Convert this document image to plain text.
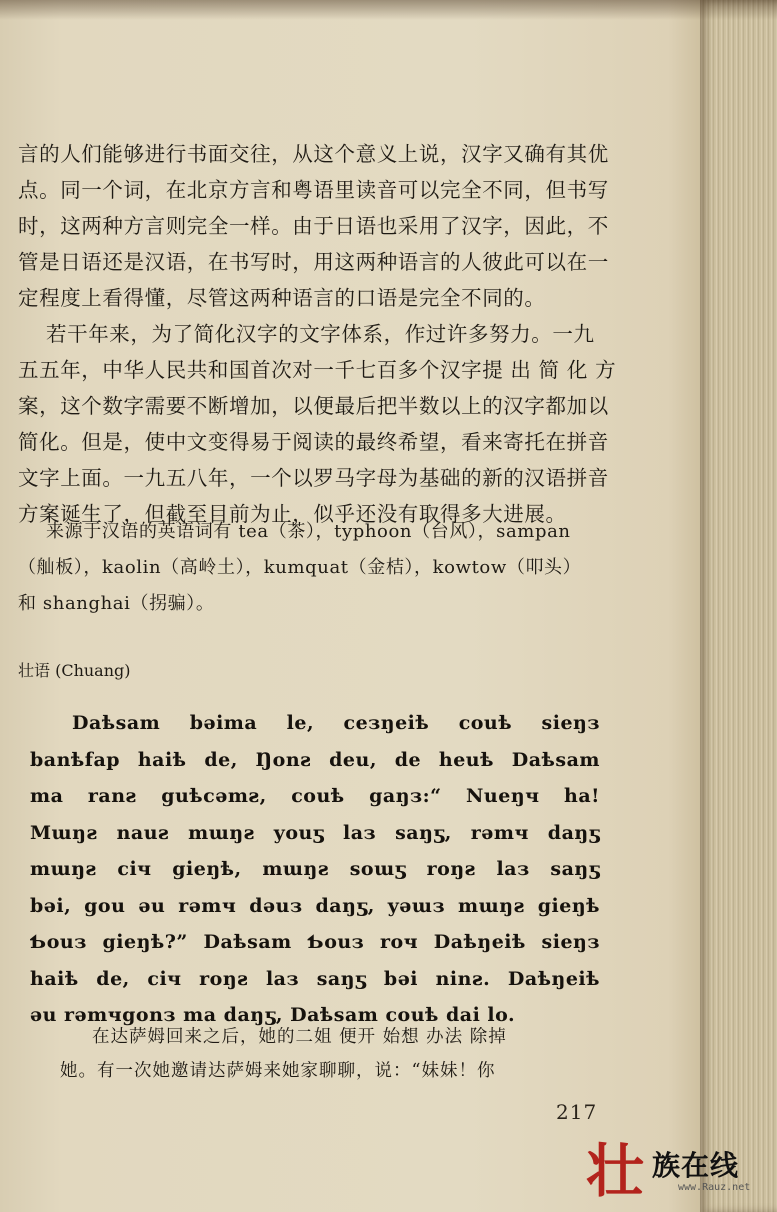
言的人们能够进行书面交往，从这个意义上说，汉字又确有其优
点。同一个词，在北京方言和粤语里读音可以完全不同，但书写
时，这两种方言则完全一样。由于日语也采用了汉字，因此，不
管是日语还是汉语，在书写时，用这两种语言的人彼此可以在一
定程度上看得懂，尽管这两种语言的口语是完全不同的。
若干年来，为了简化汉字的文字体系，作过许多努力。一九
五五年，中华人民共和国首次对一千七百多个汉字提 出 简 化 方
案，这个数字需要不断增加，以便最后把半数以上的汉字都加以
简化。但是，使中文变得易于阅读的最终希望，看来寄托在拼音
文字上面。一九五八年，一个以罗马字母为基础的新的汉语拼音
方案诞生了，但截至目前为止，似乎还没有取得多大进展。
来源于汉语的英语词有 tea（茶），typhoon（台风），sampan
（舢板），kaolin（高岭土），kumquat（金桔），kowtow（叩头）
和 shanghai（拐骗）。

壮语 (Chuang)

Daѣsam bəima le, ceзŋeiѣ couѣ sieŋз
banѣfap haiѣ de, Ŋonƨ deu, de heuѣ Daѣsam
ma ranƨ guѣcəmƨ, couѣ gaŋз:“ Nueŋч ha!
Mɯŋƨ nauƨ mɯŋƨ youƽ laз saŋƽ, rəmч daŋƽ
mɯŋƨ ciч gieŋѣ, mɯŋƨ soɯƽ roŋƨ laз saŋƽ
bəi, gou əu rəmч dəuз daŋƽ, yəɯз mɯŋƨ gieŋѣ
Ƅouз gieŋѣ?” Daѣsam Ƅouз roч Daѣŋeiѣ sieŋз
haiѣ de, ciч roŋƨ laз saŋƽ bəi ninƨ. Daѣŋeiѣ
əu rəmчgonз ma daŋƽ, Daѣsam couѣ dai lo.
在达萨姆回来之后，她的二姐 便开 始想 办法 除掉
她。有一次她邀请达萨姆来她家聊聊，说：“妹妹！你

217

壮 族在线
www.Rauz.net
